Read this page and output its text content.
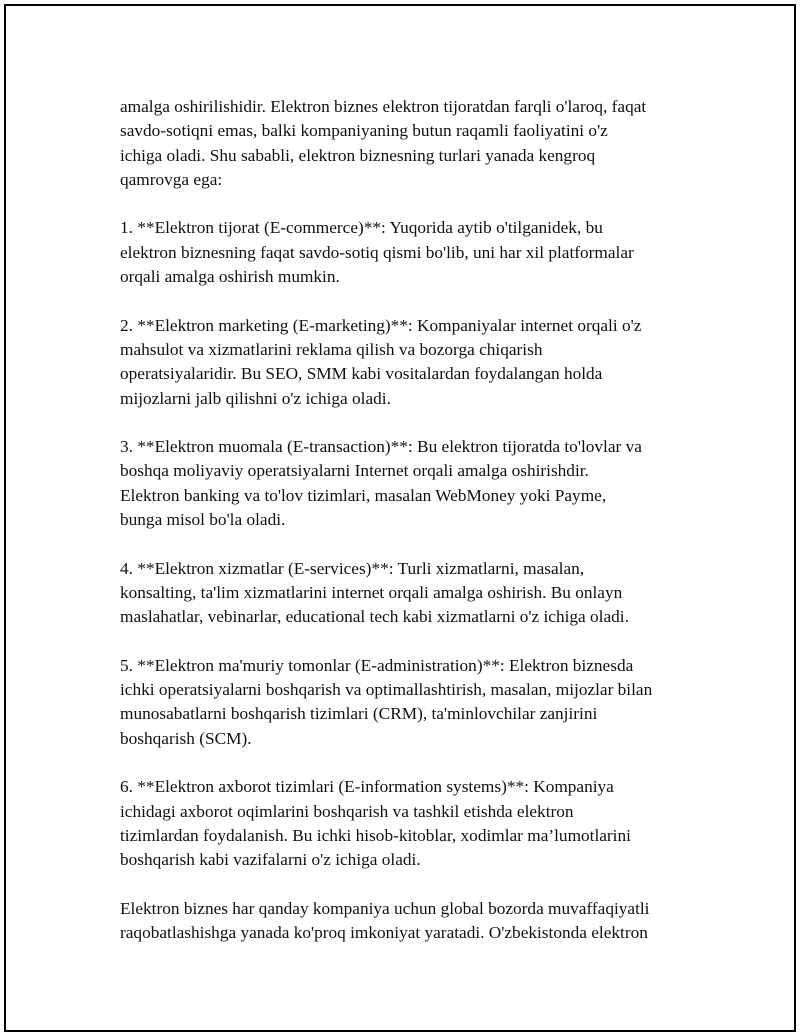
amalga oshirilishidir. Elektron biznes elektron tijoratdan farqli o'laroq, faqat
savdo-sotiqni emas, balki kompaniyaning butun raqamli faoliyatini o'z
ichiga oladi. Shu sababli, elektron biznesning turlari yanada kengroq
qamrovga ega:

1. **Elektron tijorat (E-commerce)**: Yuqorida aytib o'tilganidek, bu
elektron biznesning faqat savdo-sotiq qismi bo'lib, uni har xil platformalar
orqali amalga oshirish mumkin.

2. **Elektron marketing (E-marketing)**: Kompaniyalar internet orqali o'z
mahsulot va xizmatlarini reklama qilish va bozorga chiqarish
operatsiyalaridir. Bu SEO, SMM kabi vositalardan foydalangan holda
mijozlarni jalb qilishni o'z ichiga oladi.

3. **Elektron muomala (E-transaction)**: Bu elektron tijoratda to'lovlar va
boshqa moliyaviy operatsiyalarni Internet orqali amalga oshirishdir.
Elektron banking va to'lov tizimlari, masalan WebMoney yoki Payme,
bunga misol bo'la oladi.

4. **Elektron xizmatlar (E-services)**: Turli xizmatlarni, masalan,
konsalting, ta'lim xizmatlarini internet orqali amalga oshirish. Bu onlayn
maslahatlar, vebinarlar, educational tech kabi xizmatlarni o'z ichiga oladi.

5. **Elektron ma'muriy tomonlar (E-administration)**: Elektron biznesda
ichki operatsiyalarni boshqarish va optimallashtirish, masalan, mijozlar bilan
munosabatlarni boshqarish tizimlari (CRM), ta'minlovchilar zanjirini
boshqarish (SCM).

6. **Elektron axborot tizimlari (E-information systems)**: Kompaniya
ichidagi axborot oqimlarini boshqarish va tashkil etishda elektron
tizimlardan foydalanish. Bu ichki hisob-kitoblar, xodimlar ma’lumotlarini
boshqarish kabi vazifalarni o'z ichiga oladi.

Elektron biznes har qanday kompaniya uchun global bozorda muvaffaqiyatli
raqobatlashishga yanada ko'proq imkoniyat yaratadi. O'zbekistonda elektron
